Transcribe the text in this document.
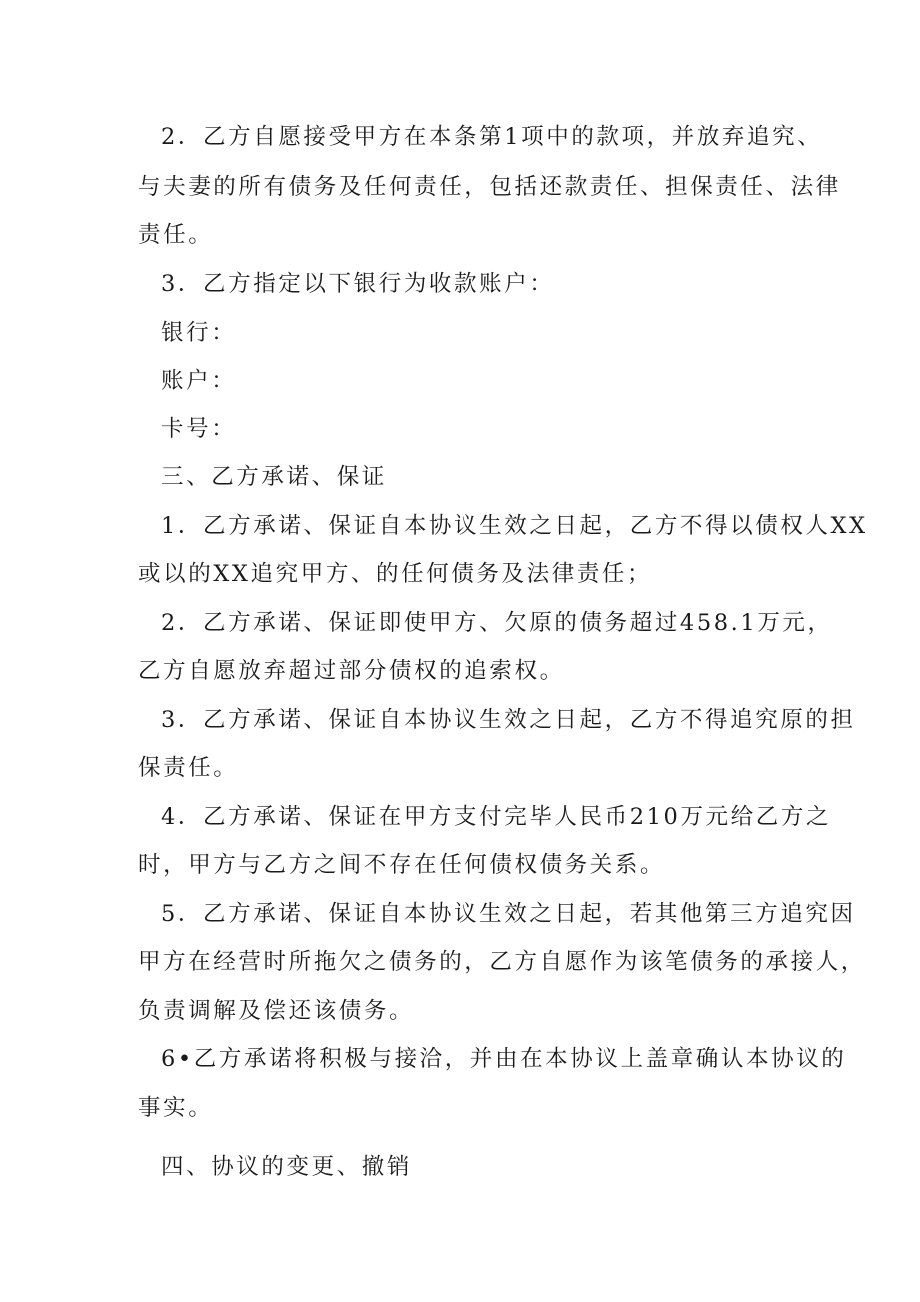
2．乙方自愿接受甲方在本条第1项中的款项，并放弃追究、
与夫妻的所有债务及任何责任，包括还款责任、担保责任、法律
责任。
3．乙方指定以下银行为收款账户：
银行：
账户：
卡号：
三、乙方承诺、保证
1．乙方承诺、保证自本协议生效之日起，乙方不得以债权人XX
或以的XX追究甲方、的任何债务及法律责任；
2．乙方承诺、保证即使甲方、欠原的债务超过458.1万元，
乙方自愿放弃超过部分债权的追索权。
3．乙方承诺、保证自本协议生效之日起，乙方不得追究原的担
保责任。
4．乙方承诺、保证在甲方支付完毕人民币210万元给乙方之
时，甲方与乙方之间不存在任何债权债务关系。
5．乙方承诺、保证自本协议生效之日起，若其他第三方追究因
甲方在经营时所拖欠之债务的，乙方自愿作为该笔债务的承接人，
负责调解及偿还该债务。
6•乙方承诺将积极与接洽，并由在本协议上盖章确认本协议的
事实。
四、协议的变更、撤销
